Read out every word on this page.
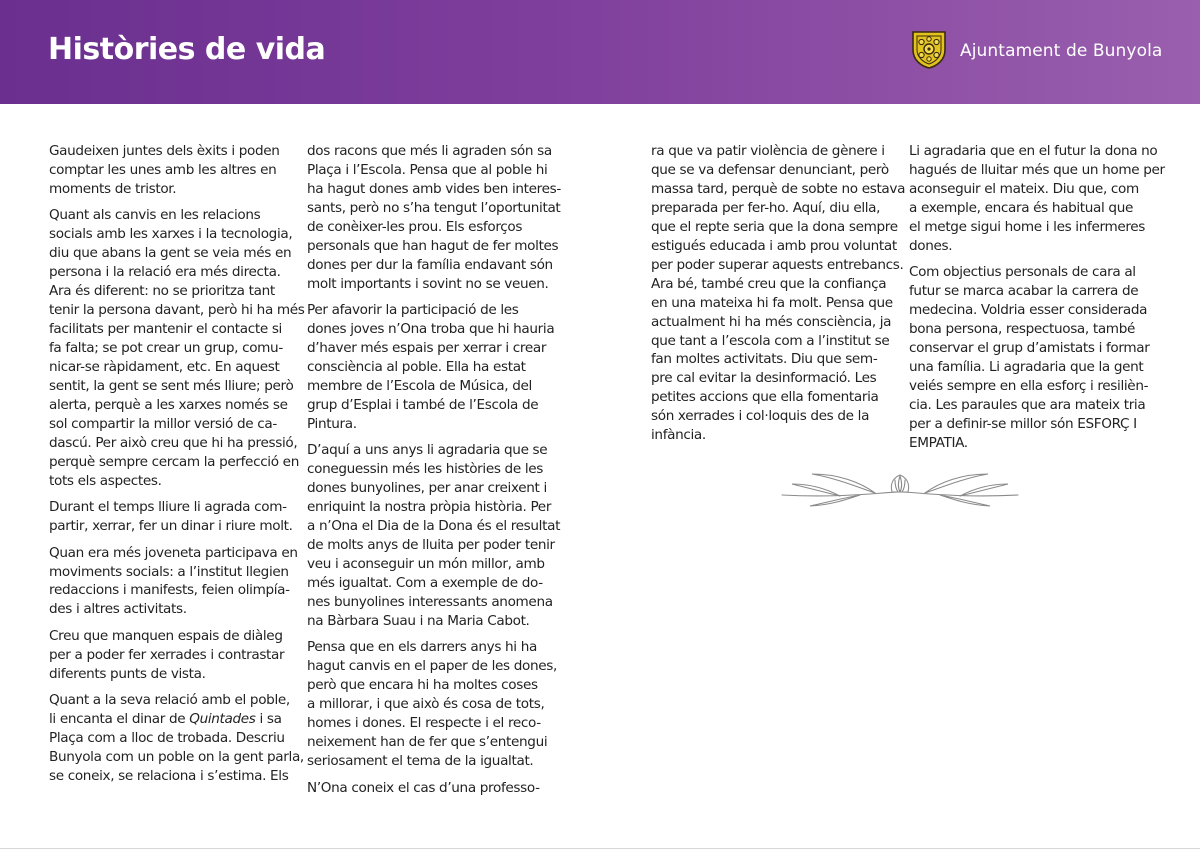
Històries de vida	Ajuntament de Bunyola

Gaudeixen juntes dels èxits i poden
comptar les unes amb les altres en
moments de tristor.

Quant als canvis en les relacions
socials amb les xarxes i la tecnologia,
diu que abans la gent se veia més en
persona i la relació era més directa.
Ara és diferent: no se prioritza tant
tenir la persona davant, però hi ha més
facilitats per mantenir el contacte si
fa falta; se pot crear un grup, comu-
nicar-se ràpidament, etc. En aquest
sentit, la gent se sent més lliure; però
alerta, perquè a les xarxes només se
sol compartir la millor versió de ca-
dascú. Per això creu que hi ha pressió,
perquè sempre cercam la perfecció en
tots els aspectes.

Durant el temps lliure li agrada com-
partir, xerrar, fer un dinar i riure molt.

Quan era més joveneta participava en
moviments socials: a l’institut llegien
redaccions i manifests, feien olimpía-
des i altres activitats.

Creu que manquen espais de diàleg
per a poder fer xerrades i contrastar
diferents punts de vista.

Quant a la seva relació amb el poble,
li encanta el dinar de Quintades i sa
Plaça com a lloc de trobada. Descriu
Bunyola com un poble on la gent parla,
se coneix, se relaciona i s’estima. Els

dos racons que més li agraden són sa
Plaça i l’Escola. Pensa que al poble hi
ha hagut dones amb vides ben interes-
sants, però no s’ha tengut l’oportunitat
de conèixer-les prou. Els esforços
personals que han hagut de fer moltes
dones per dur la família endavant són
molt importants i sovint no se veuen.

Per afavorir la participació de les
dones joves n’Ona troba que hi hauria
d’haver més espais per xerrar i crear
consciència al poble. Ella ha estat
membre de l’Escola de Música, del
grup d’Esplai i també de l’Escola de
Pintura.

D’aquí a uns anys li agradaria que se
coneguessin més les històries de les
dones bunyolines, per anar creixent i
enriquint la nostra pròpia història. Per
a n’Ona el Dia de la Dona és el resultat
de molts anys de lluita per poder tenir
veu i aconseguir un món millor, amb
més igualtat. Com a exemple de do-
nes bunyolines interessants anomena
na Bàrbara Suau i na Maria Cabot.

Pensa que en els darrers anys hi ha
hagut canvis en el paper de les dones,
però que encara hi ha moltes coses
a millorar, i que això és cosa de tots,
homes i dones. El respecte i el reco-
neixement han de fer que s’entengui
seriosament el tema de la igualtat.

N’Ona coneix el cas d’una professo-

ra que va patir violència de gènere i
que se va defensar denunciant, però
massa tard, perquè de sobte no estava
preparada per fer-ho. Aquí, diu ella,
que el repte seria que la dona sempre
estigués educada i amb prou voluntat
per poder superar aquests entrebancs.
Ara bé, també creu que la confiança
en una mateixa hi fa molt. Pensa que
actualment hi ha més consciència, ja
que tant a l’escola com a l’institut se
fan moltes activitats. Diu que sem-
pre cal evitar la desinformació. Les
petites accions que ella fomentaria
són xerrades i col·loquis des de la
infància.

Li agradaria que en el futur la dona no
hagués de lluitar més que un home per
aconseguir el mateix. Diu que, com
a exemple, encara és habitual que
el metge sigui home i les infermeres
dones.

Com objectius personals de cara al
futur se marca acabar la carrera de
medecina. Voldria esser considerada
bona persona, respectuosa, també
conservar el grup d’amistats i formar
una família. Li agradaria que la gent
veiés sempre en ella esforç i resilièn-
cia. Les paraules que ara mateix tria
per a definir-se millor són ESFORÇ I
EMPATIA.
